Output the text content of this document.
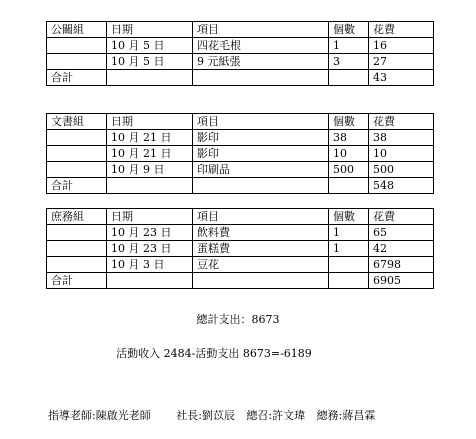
公關組	日期	項目	個數	花費
	10 月 5 日	四花毛根	1	16
	10 月 5 日	9 元紙張	3	27
合計				43
文書組	日期	項目	個數	花費
	10 月 21 日	影印	38	38
	10 月 21 日	影印	10	10
	10 月 9 日	印刷品	500	500
合計				548
庶務組	日期	項目	個數	花費
	10 月 23 日	飲料費	1	65
	10 月 23 日	蛋糕費	1	42
	10 月 3 日	豆花		6798
合計				6905
總計支出：8673
活動收入 2484-活動支出 8673=-6189
指導老師:陳啟光老師 社長:劉苡辰 總召:許文瑋 總務:蔣昌霖
